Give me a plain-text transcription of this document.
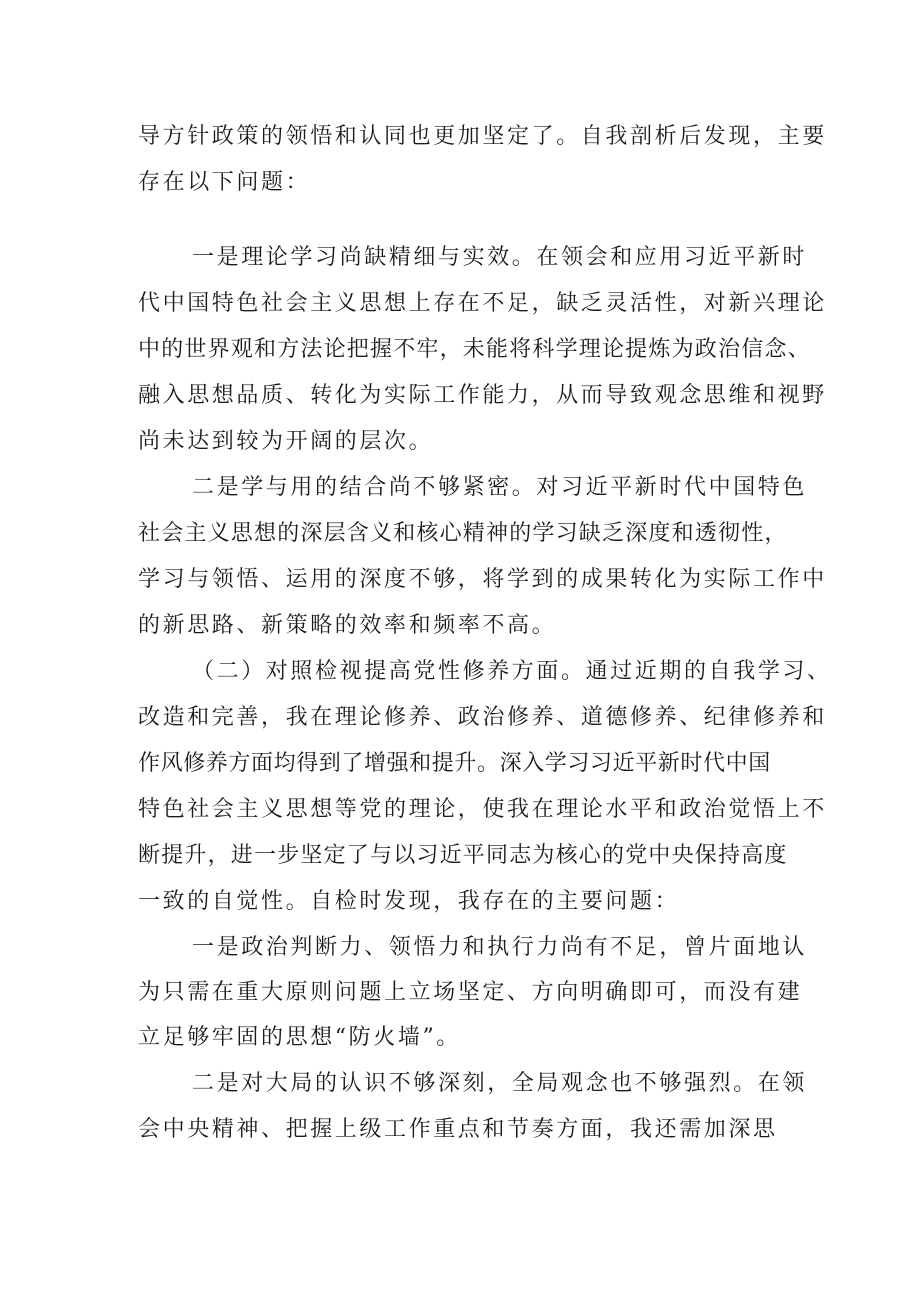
导方针政策的领悟和认同也更加坚定了。自我剖析后发现，主要
存在以下问题：
一是理论学习尚缺精细与实效。在领会和应用习近平新时
代中国特色社会主义思想上存在不足，缺乏灵活性，对新兴理论
中的世界观和方法论把握不牢，未能将科学理论提炼为政治信念、
融入思想品质、转化为实际工作能力，从而导致观念思维和视野
尚未达到较为开阔的层次。
二是学与用的结合尚不够紧密。对习近平新时代中国特色
社会主义思想的深层含义和核心精神的学习缺乏深度和透彻性，
学习与领悟、运用的深度不够，将学到的成果转化为实际工作中
的新思路、新策略的效率和频率不高。
（二）对照检视提高党性修养方面。通过近期的自我学习、
改造和完善，我在理论修养、政治修养、道德修养、纪律修养和
作风修养方面均得到了增强和提升。深入学习习近平新时代中国
特色社会主义思想等党的理论，使我在理论水平和政治觉悟上不
断提升，进一步坚定了与以习近平同志为核心的党中央保持高度
一致的自觉性。自检时发现，我存在的主要问题：
一是政治判断力、领悟力和执行力尚有不足，曾片面地认
为只需在重大原则问题上立场坚定、方向明确即可，而没有建
立足够牢固的思想“防火墙”。
二是对大局的认识不够深刻，全局观念也不够强烈。在领
会中央精神、把握上级工作重点和节奏方面，我还需加深思
